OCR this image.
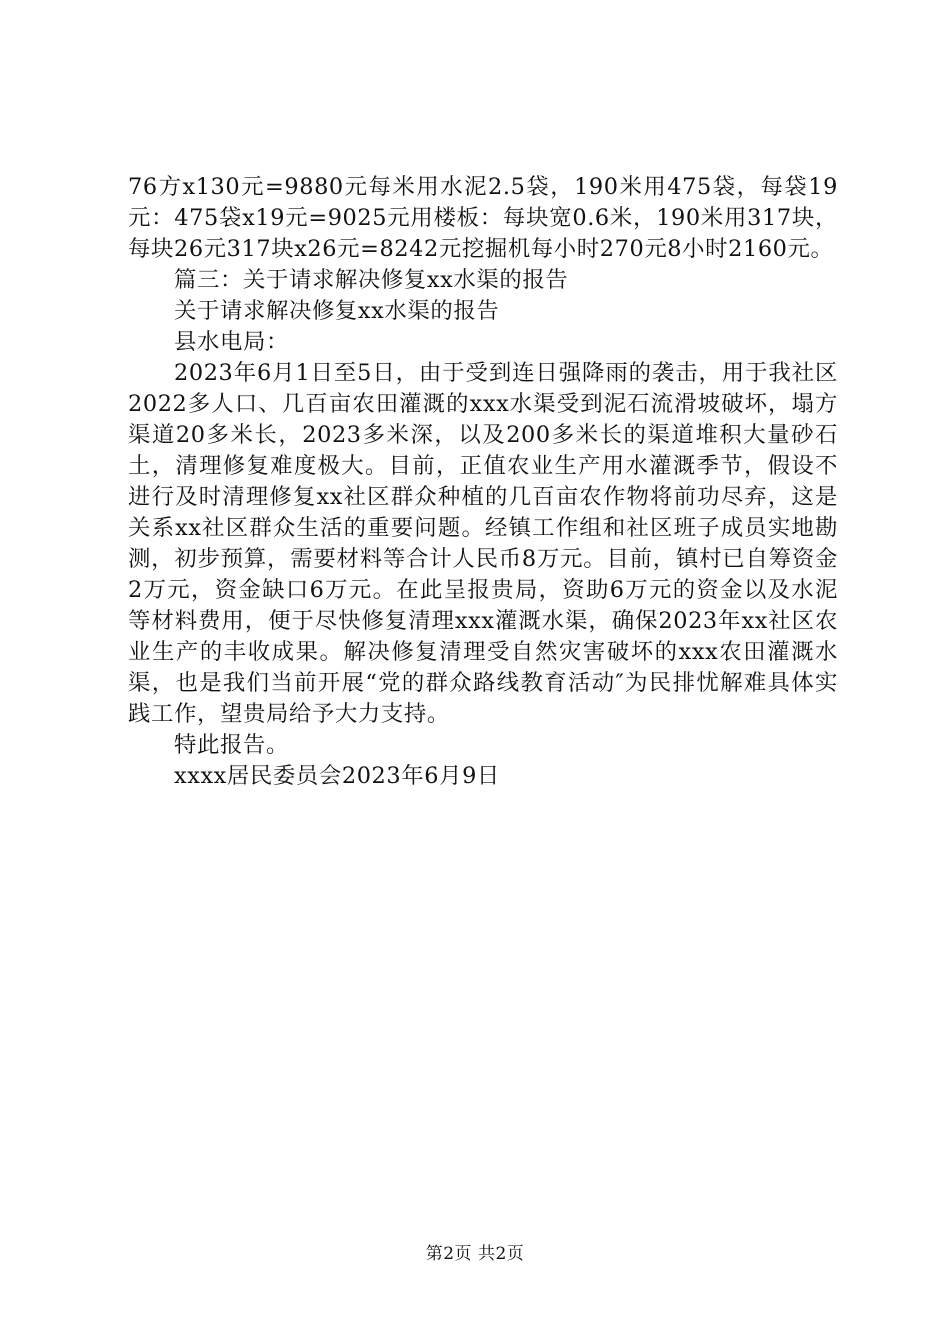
76方x130元=9880元每米用水泥2.5袋，190米用475袋，每袋19元：475袋x19元=9025元用楼板：每块宽0.6米，190米用317块，每块26元317块x26元=8242元挖掘机每小时270元8小时2160元。

篇三：关于请求解决修复xx水渠的报告

关于请求解决修复xx水渠的报告

县水电局：

2023年6月1日至5日，由于受到连日强降雨的袭击，用于我社区2022多人口、几百亩农田灌溉的xxx水渠受到泥石流滑坡破坏，塌方渠道20多米长，2023多米深，以及200多米长的渠道堆积大量砂石土，清理修复难度极大。目前，正值农业生产用水灌溉季节，假设不进行及时清理修复xx社区群众种植的几百亩农作物将前功尽弃，这是关系xx社区群众生活的重要问题。经镇工作组和社区班子成员实地勘测，初步预算，需要材料等合计人民币8万元。目前，镇村已自筹资金2万元，资金缺口6万元。在此呈报贵局，资助6万元的资金以及水泥等材料费用，便于尽快修复清理xxx灌溉水渠，确保2023年xx社区农业生产的丰收成果。解决修复清理受自然灾害破坏的xxx农田灌溉水渠，也是我们当前开展“党的群众路线教育活动″为民排忧解难具体实践工作，望贵局给予大力支持。

特此报告。

xxxx居民委员会2023年6月9日

第2页 共2页
